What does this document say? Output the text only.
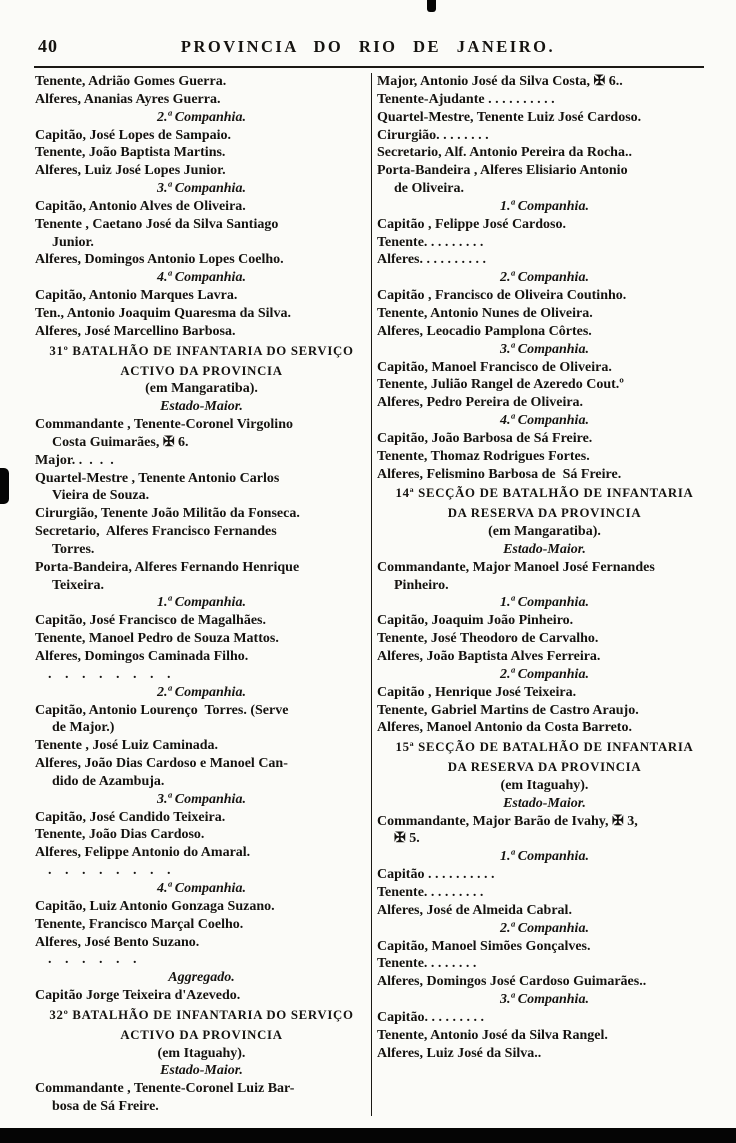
40	PROVINCIA DO RIO DE JANEIRO.
Tenente, Adrião Gomes Guerra.
Alferes, Ananias Ayres Guerra.
2.ª Companhia.
Capitão, José Lopes de Sampaio.
Tenente, João Baptista Martins.
Alferes, Luiz José Lopes Junior.
3.ª Companhia.
Capitão, Antonio Alves de Oliveira.
Tenente , Caetano José da Silva Santiago
Junior.
Alferes, Domingos Antonio Lopes Coelho.
4.ª Companhia.
Capitão, Antonio Marques Lavra.
Ten., Antonio Joaquim Quaresma da Silva.
Alferes, José Marcellino Barbosa.
31º BATALHÃO DE INFANTARIA DO SERVIÇO
ACTIVO DA PROVINCIA
(em Mangaratiba).
Estado-Maior.
Commandante , Tenente-Coronel Virgolino
Costa Guimarães, ✠ 6.
Major. .  .  .  .
Quartel-Mestre , Tenente Antonio Carlos
Vieira de Souza.
Cirurgião, Tenente João Militão da Fonseca.
Secretario,  Alferes Francisco Fernandes
Torres.
Porta-Bandeira, Alferes Fernando Henrique
Teixeira.
1.ª Companhia.
Capitão, José Francisco de Magalhães.
Tenente, Manoel Pedro de Souza Mattos.
Alferes, Domingos Caminada Filho.
. . . . . . . .
2.ª Companhia.
Capitão, Antonio Lourenço  Torres. (Serve
de Major.)
Tenente , José Luiz Caminada.
Alferes, João Dias Cardoso e Manoel Can-
dido de Azambuja.
3.ª Companhia.
Capitão, José Candido Teixeira.
Tenente, João Dias Cardoso.
Alferes, Felippe Antonio do Amaral.
. . . . . . . .
4.ª Companhia.
Capitão, Luiz Antonio Gonzaga Suzano.
Tenente, Francisco Marçal Coelho.
Alferes, José Bento Suzano.
. . . . . .
Aggregado.
Capitão Jorge Teixeira d'Azevedo.
32º BATALHÃO DE INFANTARIA DO SERVIÇO
ACTIVO DA PROVINCIA
(em Itaguahy).
Estado-Maior.
Commandante , Tenente-Coronel Luiz Bar-
bosa de Sá Freire.
Major, Antonio José da Silva Costa, ✠ 6..
Tenente-Ajudante . . . . . . . . . .
Quartel-Mestre, Tenente Luiz José Cardoso.
Cirurgião. . . . . . . .
Secretario, Alf. Antonio Pereira da Rocha..
Porta-Bandeira , Alferes Elisiario Antonio
de Oliveira.
1.ª Companhia.
Capitão , Felippe José Cardoso.
Tenente. . . . . . . . .
Alferes. . . . . . . . . .
2.ª Companhia.
Capitão , Francisco de Oliveira Coutinho.
Tenente, Antonio Nunes de Oliveira.
Alferes, Leocadio Pamplona Côrtes.
3.ª Companhia.
Capitão, Manoel Francisco de Oliveira.
Tenente, Julião Rangel de Azeredo Cout.º
Alferes, Pedro Pereira de Oliveira.
4.ª Companhia.
Capitão, João Barbosa de Sá Freire.
Tenente, Thomaz Rodrigues Fortes.
Alferes, Felismino Barbosa de  Sá Freire.
14ª SECÇÃO DE BATALHÃO DE INFANTARIA
DA RESERVA DA PROVINCIA
(em Mangaratiba).
Estado-Maior.
Commandante, Major Manoel José Fernandes
Pinheiro.
1.ª Companhia.
Capitão, Joaquim João Pinheiro.
Tenente, José Theodoro de Carvalho.
Alferes, João Baptista Alves Ferreira.
2.ª Companhia.
Capitão , Henrique José Teixeira.
Tenente, Gabriel Martins de Castro Araujo.
Alferes, Manoel Antonio da Costa Barreto.
15ª SECÇÃO DE BATALHÃO DE INFANTARIA
DA RESERVA DA PROVINCIA
(em Itaguahy).
Estado-Maior.
Commandante, Major Barão de Ivahy, ✠ 3,
✠ 5.
1.ª Companhia.
Capitão . . . . . . . . . .
Tenente. . . . . . . . .
Alferes, José de Almeida Cabral.
2.ª Companhia.
Capitão, Manoel Simões Gonçalves.
Tenente. . . . . . . .
Alferes, Domingos José Cardoso Guimarães..
3.ª Companhia.
Capitão. . . . . . . . .
Tenente, Antonio José da Silva Rangel.
Alferes, Luiz José da Silva..
